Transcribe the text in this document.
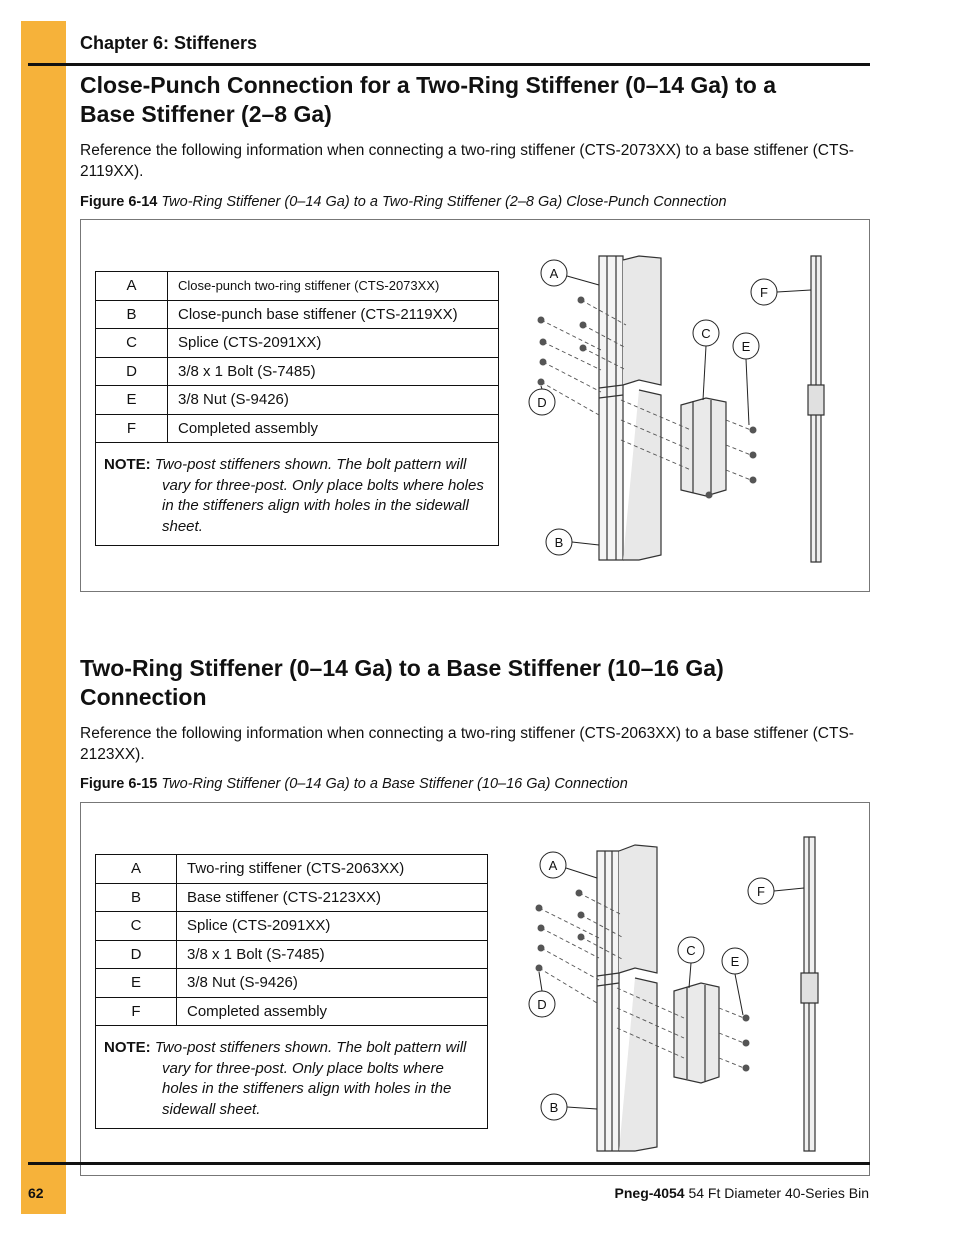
Chapter 6: Stiffeners
Close-Punch Connection for a Two-Ring Stiffener (0–14 Ga) to a
Base Stiffener (2–8 Ga)
Reference the following information when connecting a two-ring stiffener (CTS-2073XX) to a base stiffener (CTS-2119XX).
Figure 6-14 Two-Ring Stiffener (0–14 Ga) to a Two-Ring Stiffener (2–8 Ga) Close-Punch Connection
A	Close-punch two-ring stiffener (CTS-2073XX)
B	Close-punch base stiffener (CTS-2119XX)
C	Splice (CTS-2091XX)
D	3/8 x 1 Bolt (S-7485)
E	3/8 Nut (S-9426)
F	Completed assembly
NOTE: Two-post stiffeners shown. The bolt pattern will
vary for three-post. Only place bolts where holes in the stiffeners align with holes in the sidewall sheet.	
A
F
C
E
D
B
Two-Ring Stiffener (0–14 Ga) to a Base Stiffener (10–16 Ga)
Connection
Reference the following information when connecting a two-ring stiffener (CTS-2063XX) to a base stiffener (CTS-2123XX).
Figure 6-15 Two-Ring Stiffener (0–14 Ga) to a Base Stiffener (10–16 Ga) Connection
A	Two-ring stiffener (CTS-2063XX)
B	Base stiffener (CTS-2123XX)
C	Splice (CTS-2091XX)
D	3/8 x 1 Bolt (S-7485)
E	3/8 Nut (S-9426)
F	Completed assembly
NOTE: Two-post stiffeners shown. The bolt pattern will
vary for three-post. Only place bolts where holes in the stiffeners align with holes in the sidewall sheet.	
A
F
C
E
D
B
62	Pneg-4054 54 Ft Diameter 40-Series Bin
